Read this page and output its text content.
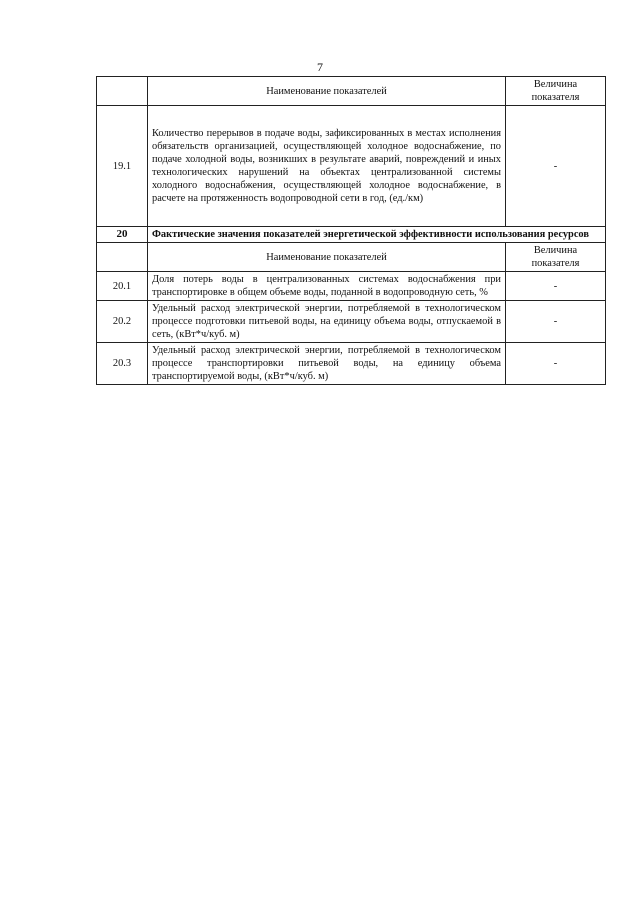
7
	Наименование показателей	Величина показателя
19.1	Количество перерывов в подаче воды, зафиксированных в местах исполнения обязательств организацией, осуществляющей холодное водоснабжение, по подаче холодной воды, возникших в результате аварий, повреждений и иных технологических нарушений на объектах централизованной системы холодного водоснабжения, осуществляющей холодное водоснабжение, в расчете на протяженность водопроводной сети в год, (ед./км)	-
20	Фактические значения показателей энергетической эффективности использования ресурсов	
	Наименование показателей	Величина показателя
20.1	Доля потерь воды в централизованных системах водоснабжения при транспортировке в общем объеме воды, поданной в водопроводную сеть, %	-
20.2	Удельный расход электрической энергии, потребляемой в технологическом процессе подготовки питьевой воды, на единицу объема воды, отпускаемой в сеть, (кВт*ч/куб. м)	-
20.3	Удельный расход электрической энергии, потребляемой в технологическом процессе транспортировки питьевой воды, на единицу объема транспортируемой воды, (кВт*ч/куб. м)	-
